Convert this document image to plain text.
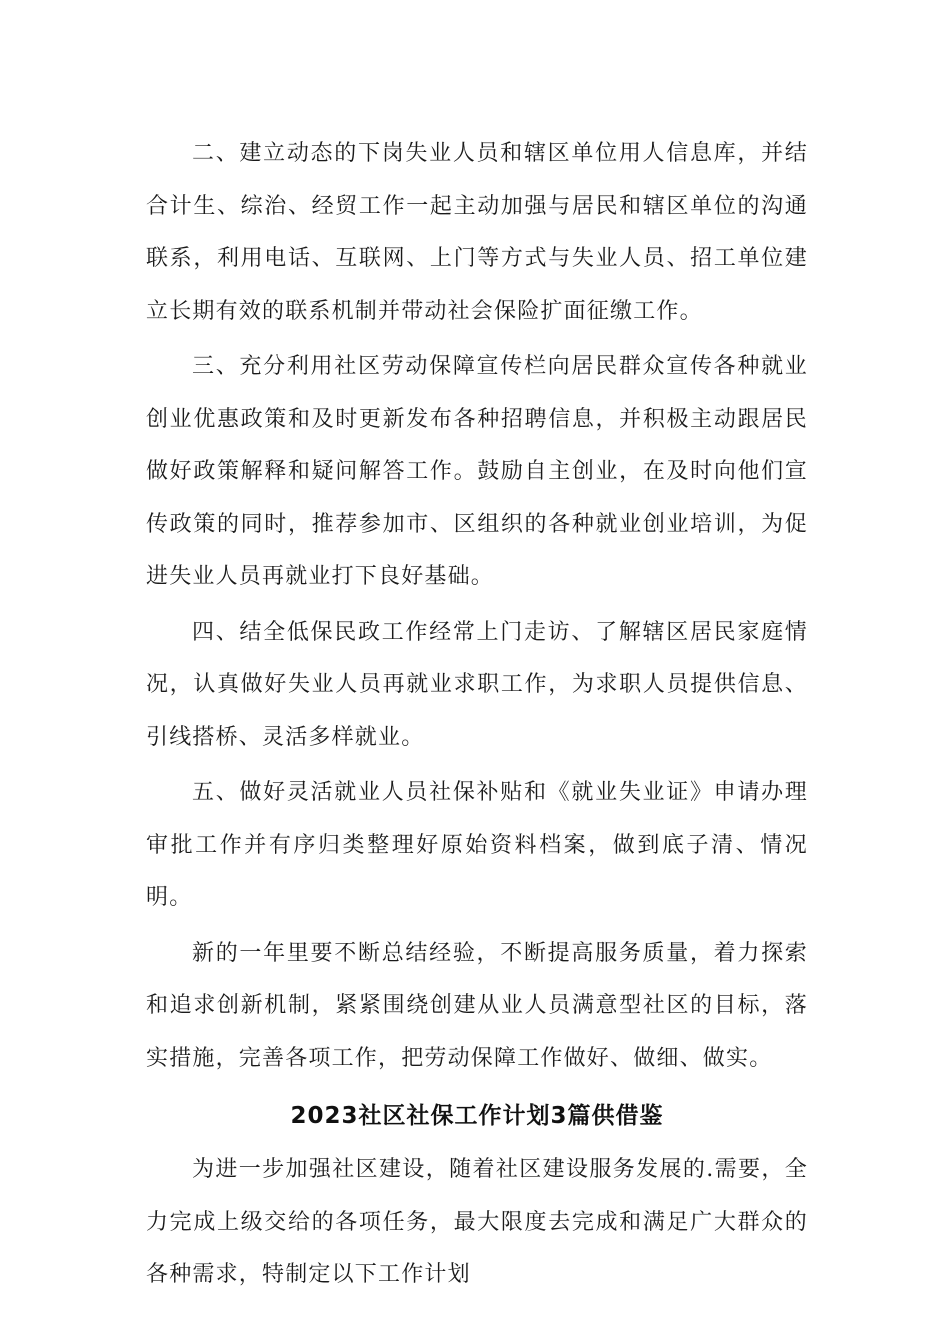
二、建立动态的下岗失业人员和辖区单位用人信息库，并结合计生、综治、经贸工作一起主动加强与居民和辖区单位的沟通联系，利用电话、互联网、上门等方式与失业人员、招工单位建立长期有效的联系机制并带动社会保险扩面征缴工作。

三、充分利用社区劳动保障宣传栏向居民群众宣传各种就业创业优惠政策和及时更新发布各种招聘信息，并积极主动跟居民做好政策解释和疑问解答工作。鼓励自主创业，在及时向他们宣传政策的同时，推荐参加市、区组织的各种就业创业培训，为促进失业人员再就业打下良好基础。

四、结全低保民政工作经常上门走访、了解辖区居民家庭情况，认真做好失业人员再就业求职工作，为求职人员提供信息、引线搭桥、灵活多样就业。

五、做好灵活就业人员社保补贴和《就业失业证》申请办理审批工作并有序归类整理好原始资料档案，做到底子清、情况明。

新的一年里要不断总结经验，不断提高服务质量，着力探索和追求创新机制，紧紧围绕创建从业人员满意型社区的目标，落实措施，完善各项工作，把劳动保障工作做好、做细、做实。

2023社区社保工作计划3篇供借鉴

为进一步加强社区建设，随着社区建设服务发展的.需要，全力完成上级交给的各项任务，最大限度去完成和满足广大群众的各种需求，特制定以下工作计划
